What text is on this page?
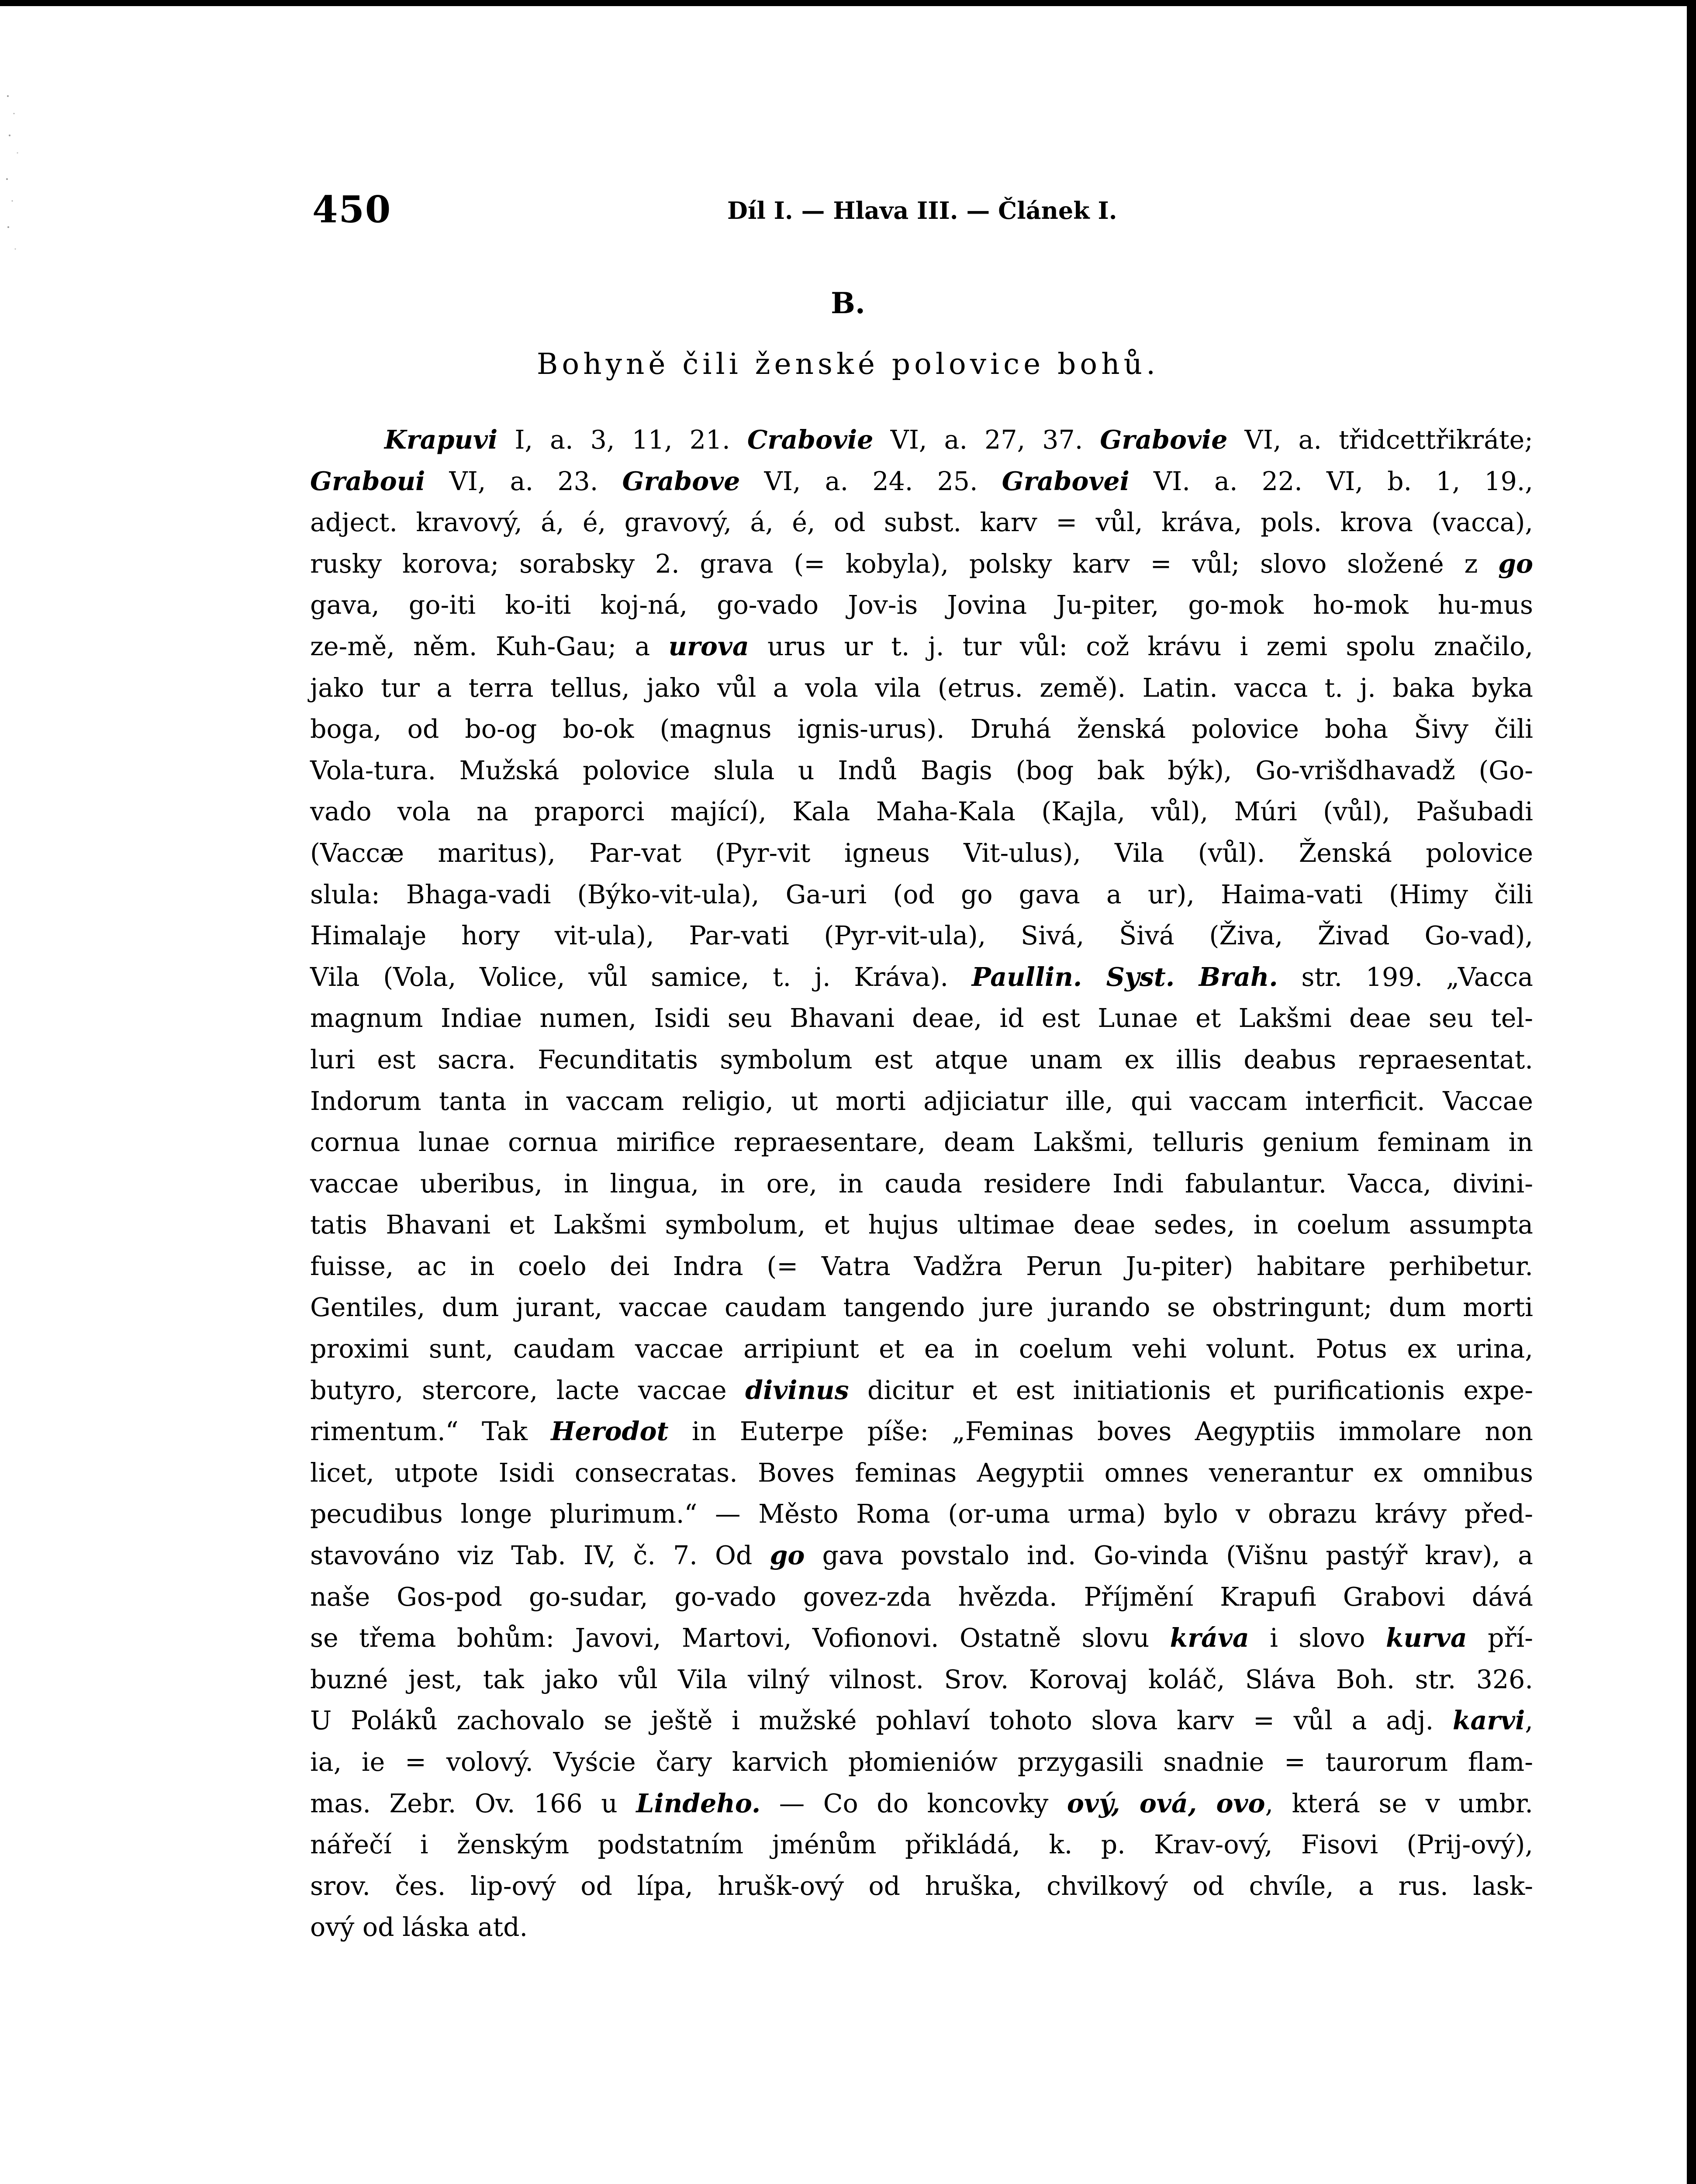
450	Díl I. — Hlava III. — Článek I.
B.
Bohyně čili ženské polovice bohů.
Krapuvi I, a. 3, 11, 21. Crabovie VI, a. 27, 37. Grabovie VI, a. třidcettřikráte;
Graboui VI, a. 23. Grabove VI, a. 24. 25. Grabovei VI. a. 22. VI, b. 1, 19.,
adject. kravový, á, é, gravový, á, é, od subst. karv = vůl, kráva, pols. krova (vacca),
rusky korova; sorabsky 2. grava (= kobyla), polsky karv = vůl; slovo složené z go
gava, go-iti ko-iti koj-ná, go-vado Jov-is Jovina Ju-piter, go-mok ho-mok hu-mus
ze-mě, něm. Kuh-Gau; a urova urus ur t. j. tur vůl: což krávu i zemi spolu značilo,
jako tur a terra tellus, jako vůl a vola vila (etrus. země). Latin. vacca t. j. baka byka
boga, od bo-og bo-ok (magnus ignis-urus). Druhá ženská polovice boha Šivy čili
Vola-tura. Mužská polovice slula u Indů Bagis (bog bak býk), Go-vrišdhavadž (Go-
vado vola na praporci mající), Kala Maha-Kala (Kajla, vůl), Múri (vůl), Pašubadi
(Vaccæ maritus), Par-vat (Pyr-vit igneus Vit-ulus), Vila (vůl). Ženská polovice
slula: Bhaga-vadi (Býko-vit-ula), Ga-uri (od go gava a ur), Haima-vati (Himy čili
Himalaje hory vit-ula), Par-vati (Pyr-vit-ula), Sivá, Šivá (Živa, Živad Go-vad),
Vila (Vola, Volice, vůl samice, t. j. Kráva). Paullin. Syst. Brah. str. 199. „Vacca
magnum Indiae numen, Isidi seu Bhavani deae, id est Lunae et Lakšmi deae seu tel-
luri est sacra. Fecunditatis symbolum est atque unam ex illis deabus repraesentat.
Indorum tanta in vaccam religio, ut morti adjiciatur ille, qui vaccam interficit. Vaccae
cornua lunae cornua mirifice repraesentare, deam Lakšmi, telluris genium feminam in
vaccae uberibus, in lingua, in ore, in cauda residere Indi fabulantur. Vacca, divini-
tatis Bhavani et Lakšmi symbolum, et hujus ultimae deae sedes, in coelum assumpta
fuisse, ac in coelo dei Indra (= Vatra Vadžra Perun Ju-piter) habitare perhibetur.
Gentiles, dum jurant, vaccae caudam tangendo jure jurando se obstringunt; dum morti
proximi sunt, caudam vaccae arripiunt et ea in coelum vehi volunt. Potus ex urina,
butyro, stercore, lacte vaccae divinus dicitur et est initiationis et purificationis expe-
rimentum.“ Tak Herodot in Euterpe píše: „Feminas boves Aegyptiis immolare non
licet, utpote Isidi consecratas. Boves feminas Aegyptii omnes venerantur ex omnibus
pecudibus longe plurimum.“ — Město Roma (or-uma urma) bylo v obrazu krávy před-
stavováno viz Tab. IV, č. 7. Od go gava povstalo ind. Go-vinda (Višnu pastýř krav), a
naše Gos-pod go-sudar, go-vado govez-zda hvězda. Příjmění Krapufi Grabovi dává
se třema bohům: Javovi, Martovi, Vofionovi. Ostatně slovu kráva i slovo kurva pří-
buzné jest, tak jako vůl Vila vilný vilnost. Srov. Korovaj koláč, Sláva Boh. str. 326.
U Poláků zachovalo se ještě i mužské pohlaví tohoto slova karv = vůl a adj. karvi,
ia, ie = volový. Vyście čary karvich płomieniów przygasili snadnie = taurorum flam-
mas. Zebr. Ov. 166 u Lindeho. — Co do koncovky ový, ová, ovo, která se v umbr.
nářečí i ženským podstatním jménům přikládá, k. p. Krav-ový, Fisovi (Prij-ový),
srov. čes. lip-ový od lípa, hrušk-ový od hruška, chvilkový od chvíle, a rus. lask-
ový od láska atd.
